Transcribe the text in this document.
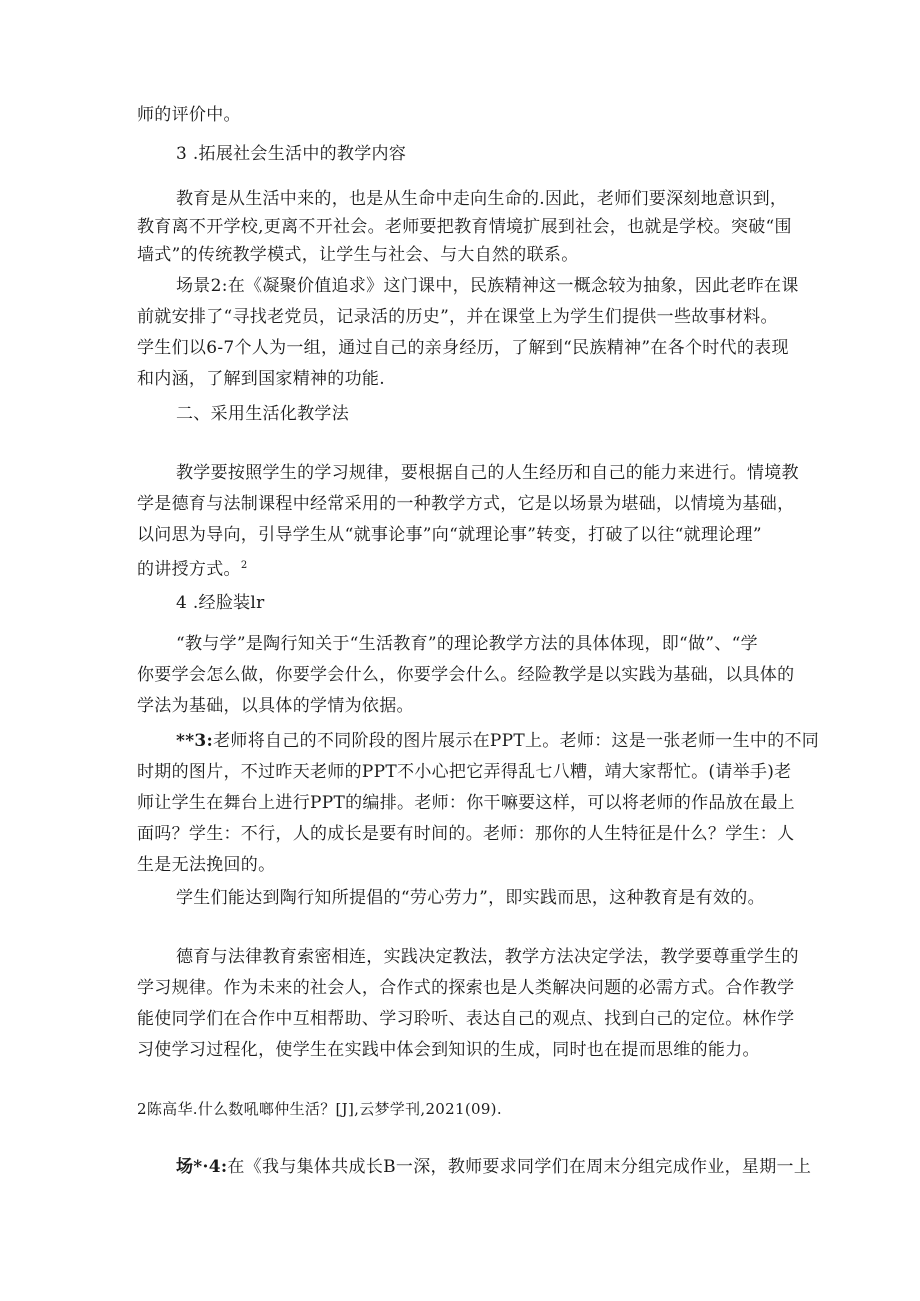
师的评价中。
3 .拓展社会生活中的教学内容
教育是从生活中来的，也是从生命中走向生命的.因此，老师们要深刻地意识到，
教育离不开学校,更离不开社会。老师要把教育情境扩展到社会，也就是学校。突破“围
墙式”的传统教学模式，让学生与社会、与大自然的联系。
场景2:在《凝聚价值追求》这门课中，民族精神这一概念较为抽象，因此老昨在课
前就安排了“寻找老党员，记录活的历史”，并在课堂上为学生们提供一些故事材料。
学生们以6-7个人为一组，通过自己的亲身经历，了解到“民族精神”在各个时代的表现
和内涵，了解到国家精神的功能.
二、采用生活化教学法
教学要按照学生的学习规律，要根据自己的人生经历和自己的能力来进行。情境教
学是德育与法制课程中经常采用的一种教学方式，它是以场景为堪础，以情境为基础，
以问思为导向，引导学生从“就事论事”向“就理论事”转变，打破了以往“就理论理”
的讲授方式。$^2$
4 .经脸装lr
“教与学”是陶行知关于“生活教育”的理论教学方法的具体体现，即“做”、“学
你要学会怎么做，你要学会什么，你要学会什么。经险教学是以实践为基础，以具体的
学法为基础，以具体的学情为依据。
**3:老师将自己的不同阶段的图片展示在PPT上。老师：这是一张老师一生中的不同
时期的图片，不过昨天老师的PPT不小心把它弄得乱七八糟，靖大家帮忙。(请举手)老
师让学生在舞台上进行PPT的编排。老师：你干嘛要这样，可以将老师的作品放在最上
面吗？学生：不行，人的成长是要有时间的。老师：那你的人生特征是什么？学生：人
生是无法挽回的。
学生们能达到陶行知所提倡的“劳心劳力”，即实践而思，这种教育是有效的。
德育与法律教育索密相连，实践决定教法，教学方法决定学法，教学要尊重学生的
学习规律。作为未来的社会人，合作式的探索也是人类解决问题的必需方式。合作教学
能使同学们在合作中互相帮助、学习聆听、表达自己的观点、找到白己的定位。林作学
习使学习过程化，使学生在实践中体会到知识的生成，同时也在提而思维的能力。
2陈高华.什么数吼啷仲生活？[J],云梦学刊,2021(09).
场*·4:在《我与集体共成长B一深，教师要求同学们在周末分组完成作业，星期一上
